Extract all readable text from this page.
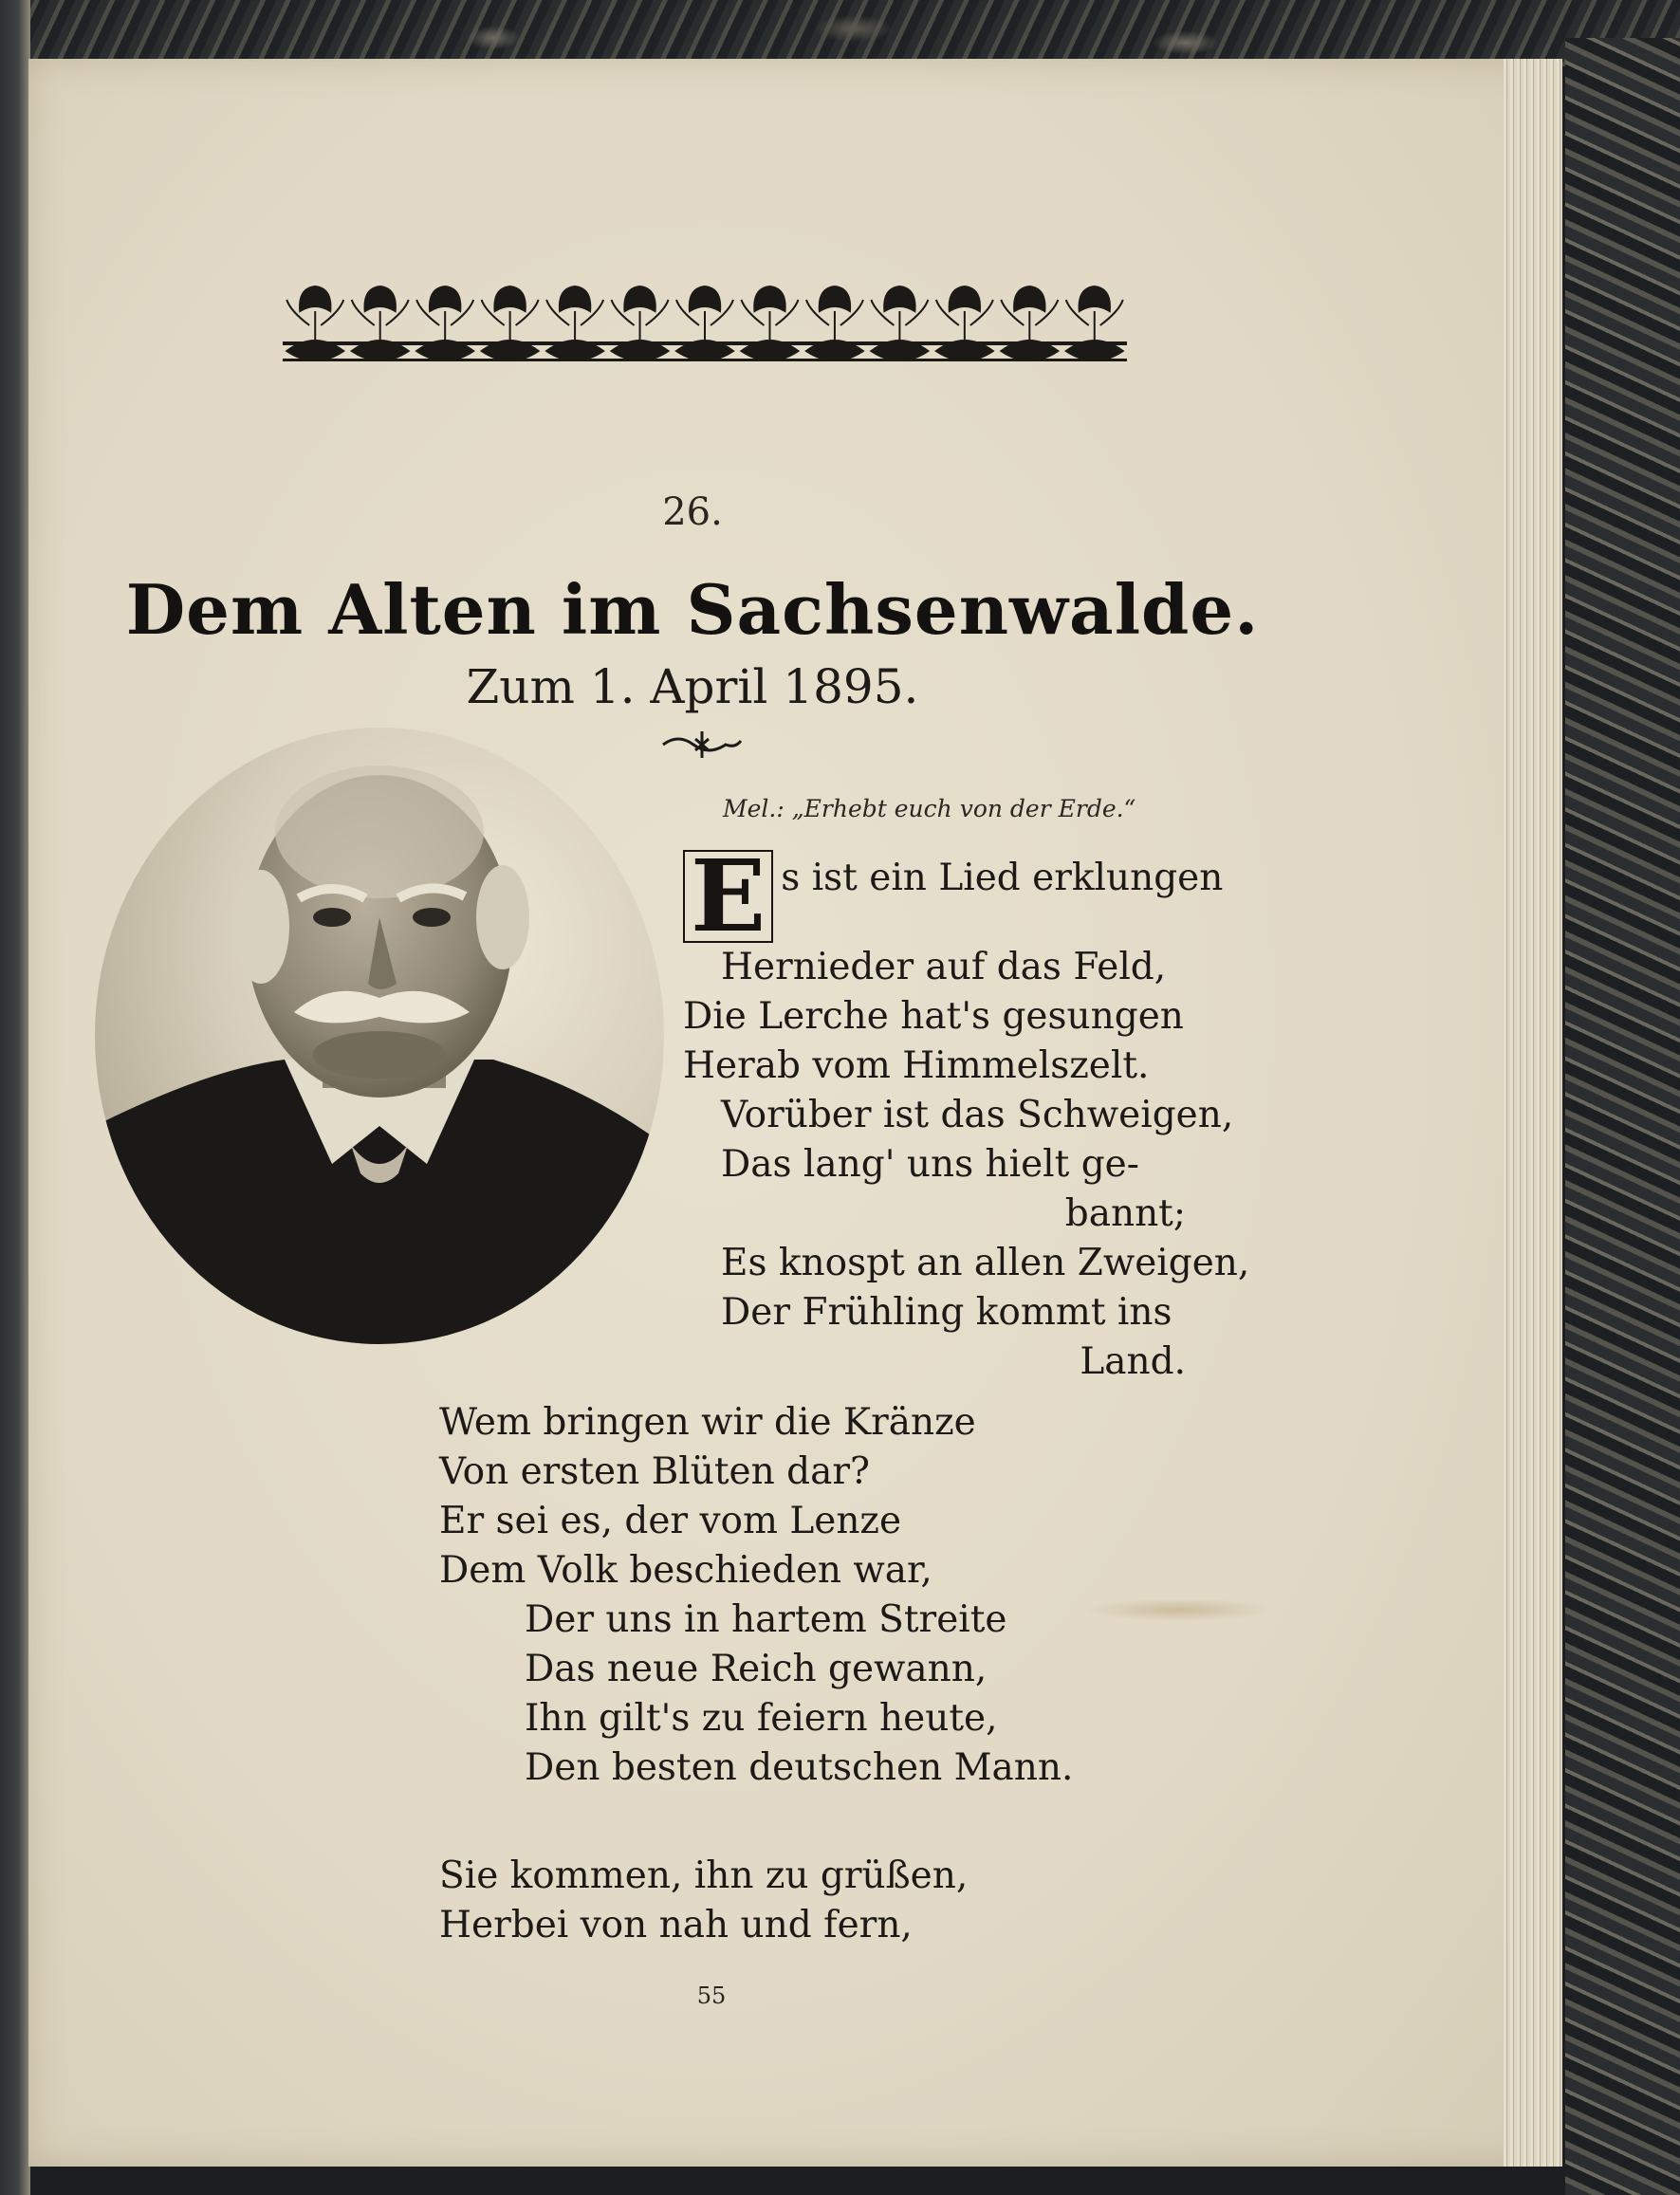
26.
Dem Alten im Sachsenwalde.
Zum 1. April 1895.
Mel.: „Erhebt euch von der Erde.“
E s ist ein Lied erklungen
Hernieder auf das Feld,
Die Lerche hat's gesungen
Herab vom Himmelszelt.
Vorüber ist das Schweigen,
Das lang' uns hielt ge-
bannt;
Es knospt an allen Zweigen,
Der Frühling kommt ins
Land.
Wem bringen wir die Kränze
Von ersten Blüten dar?
Er sei es, der vom Lenze
Dem Volk beschieden war,
Der uns in hartem Streite
Das neue Reich gewann,
Ihn gilt's zu feiern heute,
Den besten deutschen Mann.
Sie kommen, ihn zu grüßen,
Herbei von nah und fern,
55
